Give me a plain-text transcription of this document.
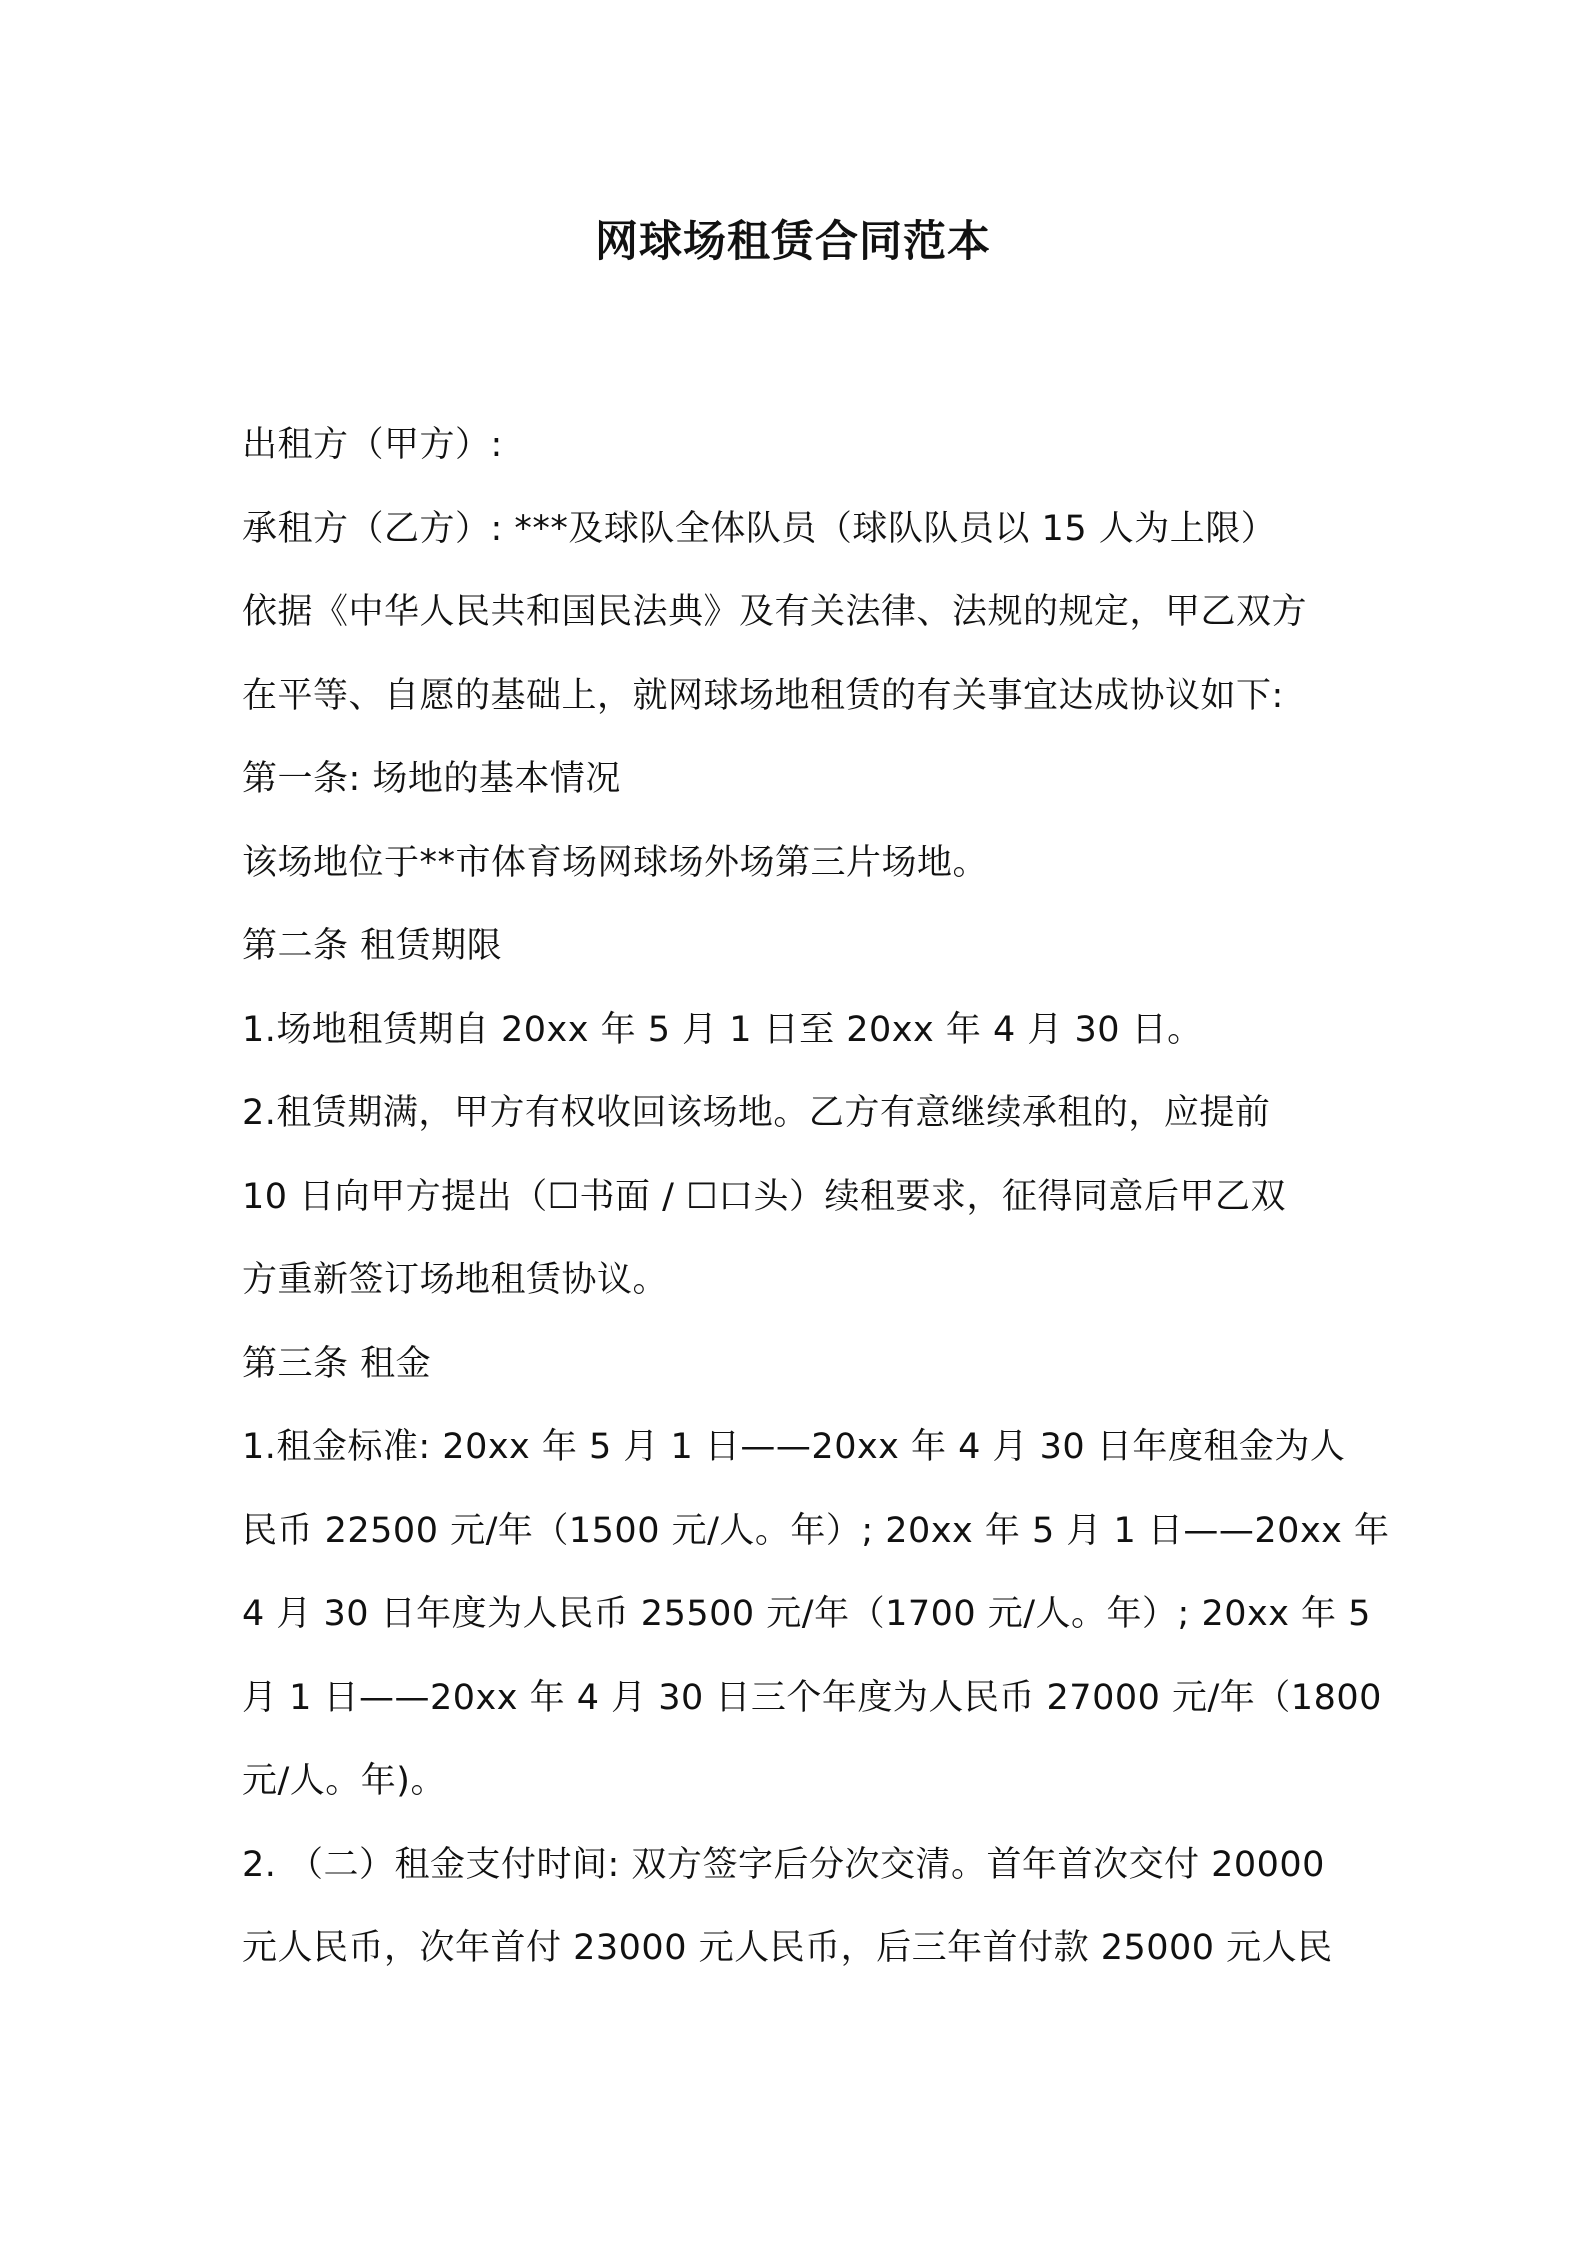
网球场租赁合同范本
出租方（甲方）:
承租方（乙方）: ***及球队全体队员（球队队员以 15 人为上限）
依据《中华人民共和国民法典》及有关法律、法规的规定，甲乙双方
在平等、自愿的基础上，就网球场地租赁的有关事宜达成协议如下:
第一条: 场地的基本情况
该场地位于**市体育场网球场外场第三片场地。
第二条 租赁期限
1.场地租赁期自 20xx 年 5 月 1 日至 20xx 年 4 月 30 日。
2.租赁期满，甲方有权收回该场地。乙方有意继续承租的，应提前
10 日向甲方提出（☐书面 / ☐口头）续租要求，征得同意后甲乙双
方重新签订场地租赁协议。
第三条 租金
1.租金标准: 20xx 年 5 月 1 日——20xx 年 4 月 30 日年度租金为人
民币 22500 元/年（1500 元/人。年）; 20xx 年 5 月 1 日——20xx 年
4 月 30 日年度为人民币 25500 元/年（1700 元/人。年）; 20xx 年 5
月 1 日——20xx 年 4 月 30 日三个年度为人民币 27000 元/年（1800
元/人。年)。
2. （二）租金支付时间: 双方签字后分次交清。首年首次交付 20000
元人民币，次年首付 23000 元人民币，后三年首付款 25000 元人民
